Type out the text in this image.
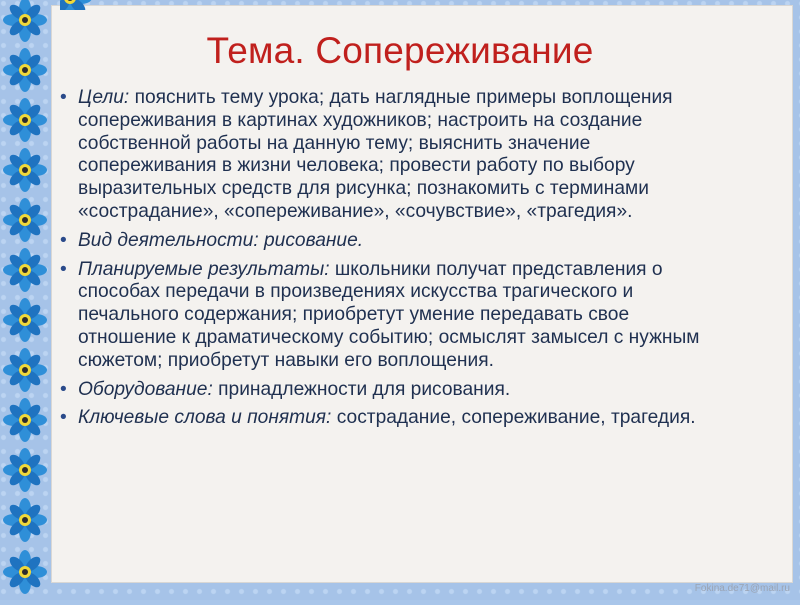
Тема. Сопереживание
• Цели: пояснить тему урока; дать наглядные примеры воплощения сопереживания в картинах художников; настроить на создание собственной работы на данную тему; выяснить значение сопереживания в жизни человека; провести работу по выбору выразительных средств для рисунка; познакомить с терминами «сострадание», «сопереживание», «сочувствие», «трагедия».
• Вид деятельности: рисование.
• Планируемые результаты: школьники получат представления о способах передачи в произведениях искусства трагического и печального содержания; приобретут умение передавать свое отношение к драматическому событию; осмыслят замысел с нужным сюжетом; приобретут навыки его воплощения.
• Оборудование: принадлежности для рисования.
• Ключевые слова и понятия: сострадание, сопереживание, трагедия.
Fokina.de71@mail.ru
